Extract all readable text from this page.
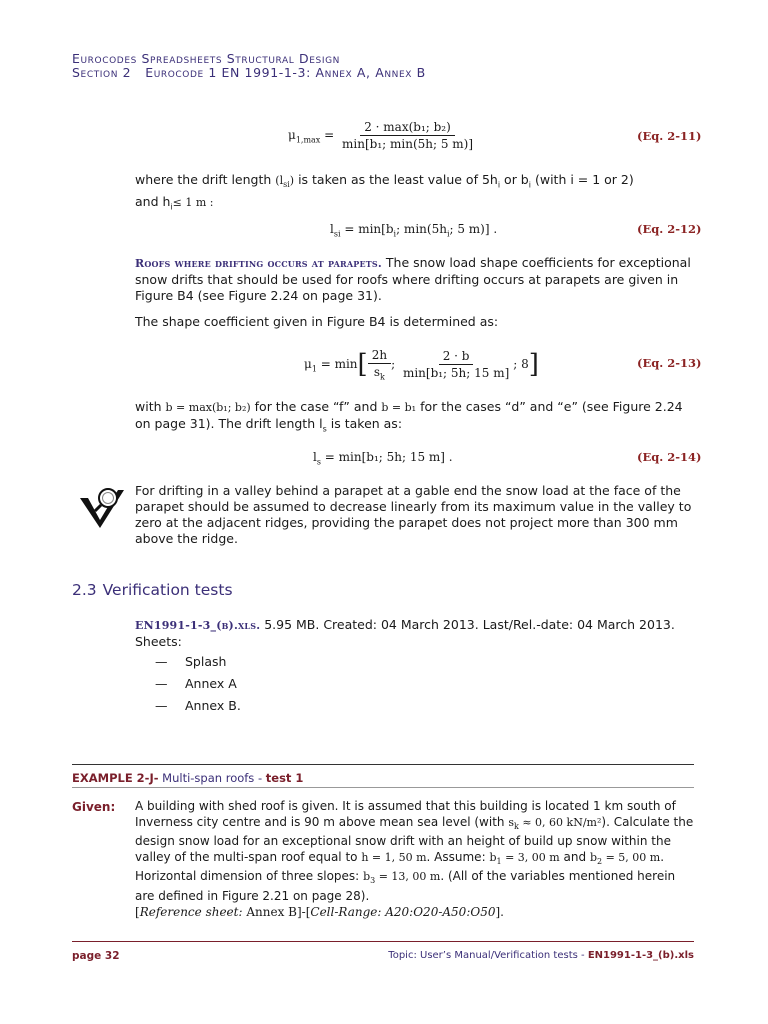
Eurocodes Spreadsheets Structural Design
Section 2 Eurocode 1 EN 1991-1-3: Annex A, Annex B
$\mu_{1,max} = \frac{\text{2 · max(b₁; b₂)}}{\text{min[b₁; min(5h; 5 m)]}}$	(Eq. 2-11)
where the drift length $(l_{si})$ is taken as the least value of $5h_i$ or $b_i$ (with i = 1 or 2)
and $h_i\le 1$ m :
$l_{si} = \min[b_i$; $\min(5h_i$; 5 m)] .	(Eq. 2-12)
Roofs where drifting occurs at parapets. The snow load shape coefficients for exceptional snow drifts that should be used for roofs where drifting occurs at parapets are given in Figure B4 (see Figure 2.24 on page 31).
The shape coefficient given in Figure B4 is determined as:
$\mu_1 = \min[ \frac{2h}{s_k}$ ; $\frac{2 \cdot b}{\text{min[b₁; 5h; 15 m]}}$ ; 8]	(Eq. 2-13)
with b = max(b₁; b₂) for the case “f” and b = b₁ for the cases “d” and “e” (see Figure 2.24 on page 31). The drift length $l_s$ is taken as:
$l_s = \min[b_1$; 5h; 15 m] .	(Eq. 2-14)
For drifting in a valley behind a parapet at a gable end the snow load at the face of the parapet should be assumed to decrease linearly from its maximum value in the valley to zero at the adjacent ridges, providing the parapet does not project more than 300 mm above the ridge.
2.3 Verification tests
EN1991-1-3_(b).xls. 5.95 MB. Created: 04 March 2013. Last/Rel.-date: 04 March 2013. Sheets:
— Splash
— Annex A
— Annex B.
EXAMPLE 2-J- Multi-span roofs - test 1
Given: A building with shed roof is given. It is assumed that this building is located 1 km south of Inverness city centre and is 90 m above mean sea level (with $s_k \approx 0$, 60 kN/m²). Calculate the design snow load for an exceptional snow drift with an height of build up snow within the valley of the multi-span roof equal to h = 1, 50 m. Assume: $b_1 = 3$, 00 m and $b_2 = 5$, 00 m. Horizontal dimension of three slopes: $b_3 = 13$, 00 m. (All of the variables mentioned herein are defined in Figure 2.21 on page 28).
[Reference sheet: Annex B]-[Cell-Range: A20:O20-A50:O50].
page 32	Topic: User’s Manual/Verification tests - EN1991-1-3_(b).xls
